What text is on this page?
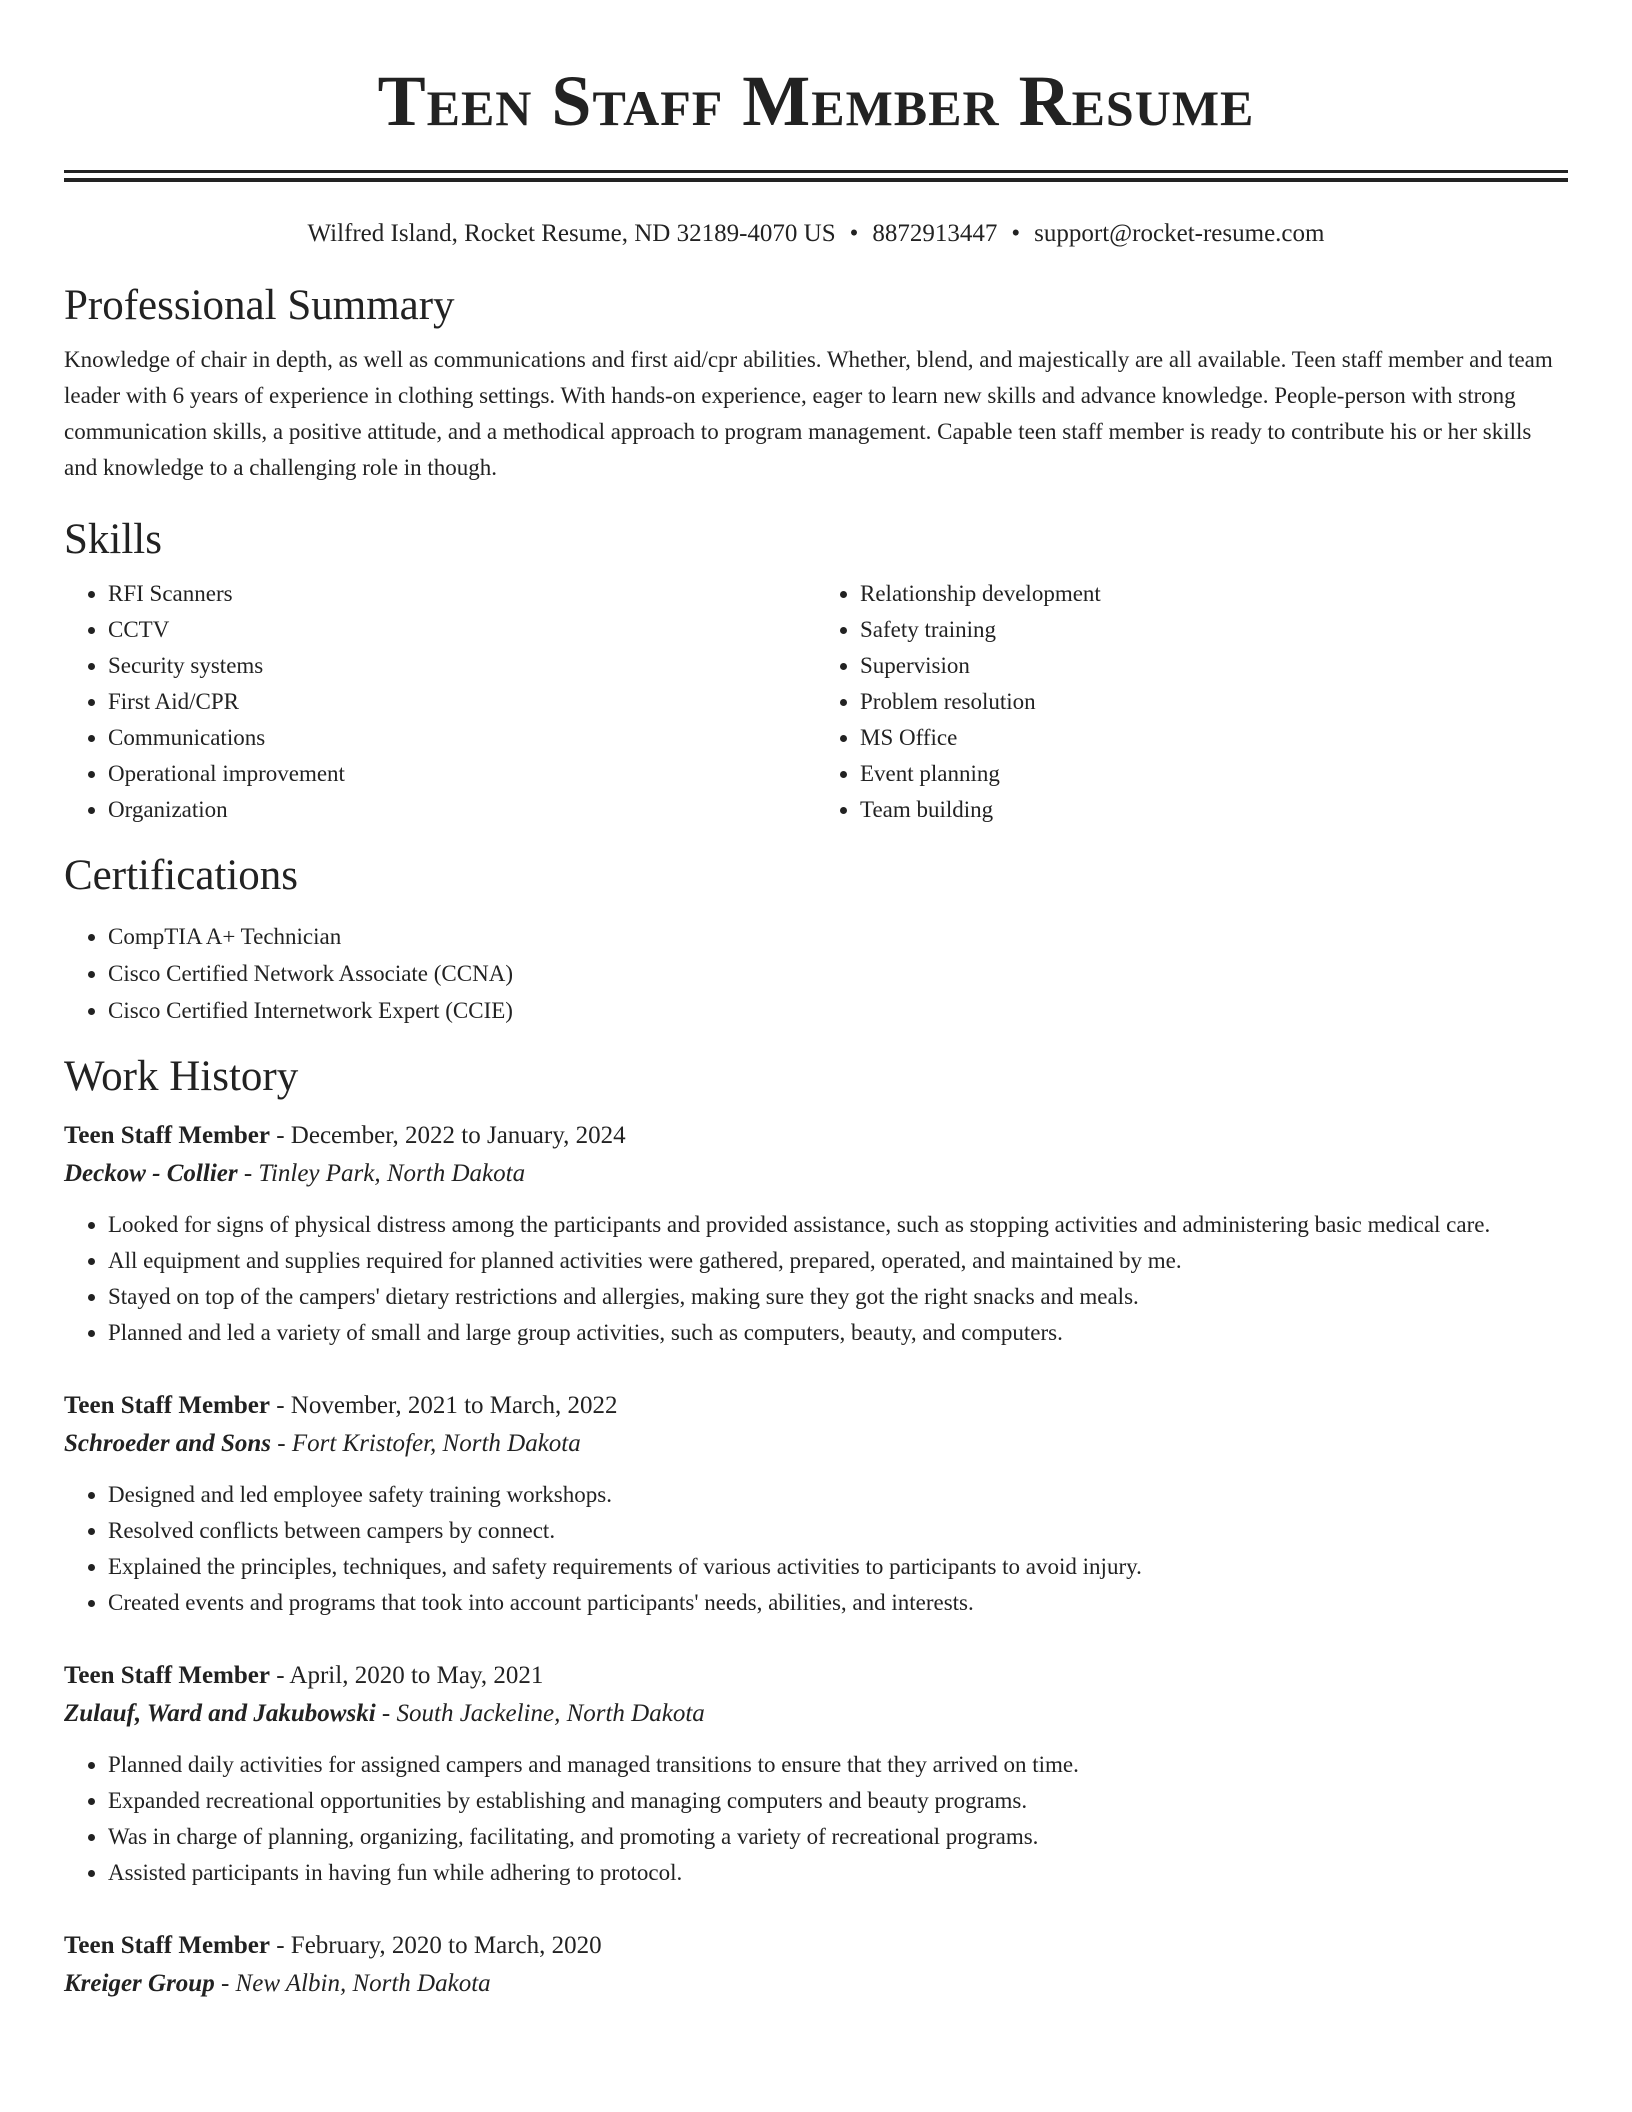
Teen Staff Member Resume
Wilfred Island, Rocket Resume, ND 32189-4070 US • 8872913447 • support@rocket-resume.com
Professional Summary

Knowledge of chair in depth, as well as communications and first aid/cpr abilities. Whether, blend, and majestically are all available. Teen staff member and team leader with 6 years of experience in clothing settings. With hands-on experience, eager to learn new skills and advance knowledge. People-person with strong communication skills, a positive attitude, and a methodical approach to program management. Capable teen staff member is ready to contribute his or her skills and knowledge to a challenging role in though.

Skills
• RFI Scanners
• CCTV
• Security systems
• First Aid/CPR
• Communications
• Operational improvement
• Organization
• Relationship development
• Safety training
• Supervision
• Problem resolution
• MS Office
• Event planning
• Team building
Certifications
• CompTIA A+ Technician
• Cisco Certified Network Associate (CCNA)
• Cisco Certified Internetwork Expert (CCIE)
Work History
Teen Staff Member - December, 2022 to January, 2024
Deckow - Collier - Tinley Park, North Dakota
• Looked for signs of physical distress among the participants and provided assistance, such as stopping activities and administering basic medical care.
• All equipment and supplies required for planned activities were gathered, prepared, operated, and maintained by me.
• Stayed on top of the campers' dietary restrictions and allergies, making sure they got the right snacks and meals.
• Planned and led a variety of small and large group activities, such as computers, beauty, and computers.
Teen Staff Member - November, 2021 to March, 2022
Schroeder and Sons - Fort Kristofer, North Dakota
• Designed and led employee safety training workshops.
• Resolved conflicts between campers by connect.
• Explained the principles, techniques, and safety requirements of various activities to participants to avoid injury.
• Created events and programs that took into account participants' needs, abilities, and interests.
Teen Staff Member - April, 2020 to May, 2021
Zulauf, Ward and Jakubowski - South Jackeline, North Dakota
• Planned daily activities for assigned campers and managed transitions to ensure that they arrived on time.
• Expanded recreational opportunities by establishing and managing computers and beauty programs.
• Was in charge of planning, organizing, facilitating, and promoting a variety of recreational programs.
• Assisted participants in having fun while adhering to protocol.
Teen Staff Member - February, 2020 to March, 2020
Kreiger Group - New Albin, North Dakota
